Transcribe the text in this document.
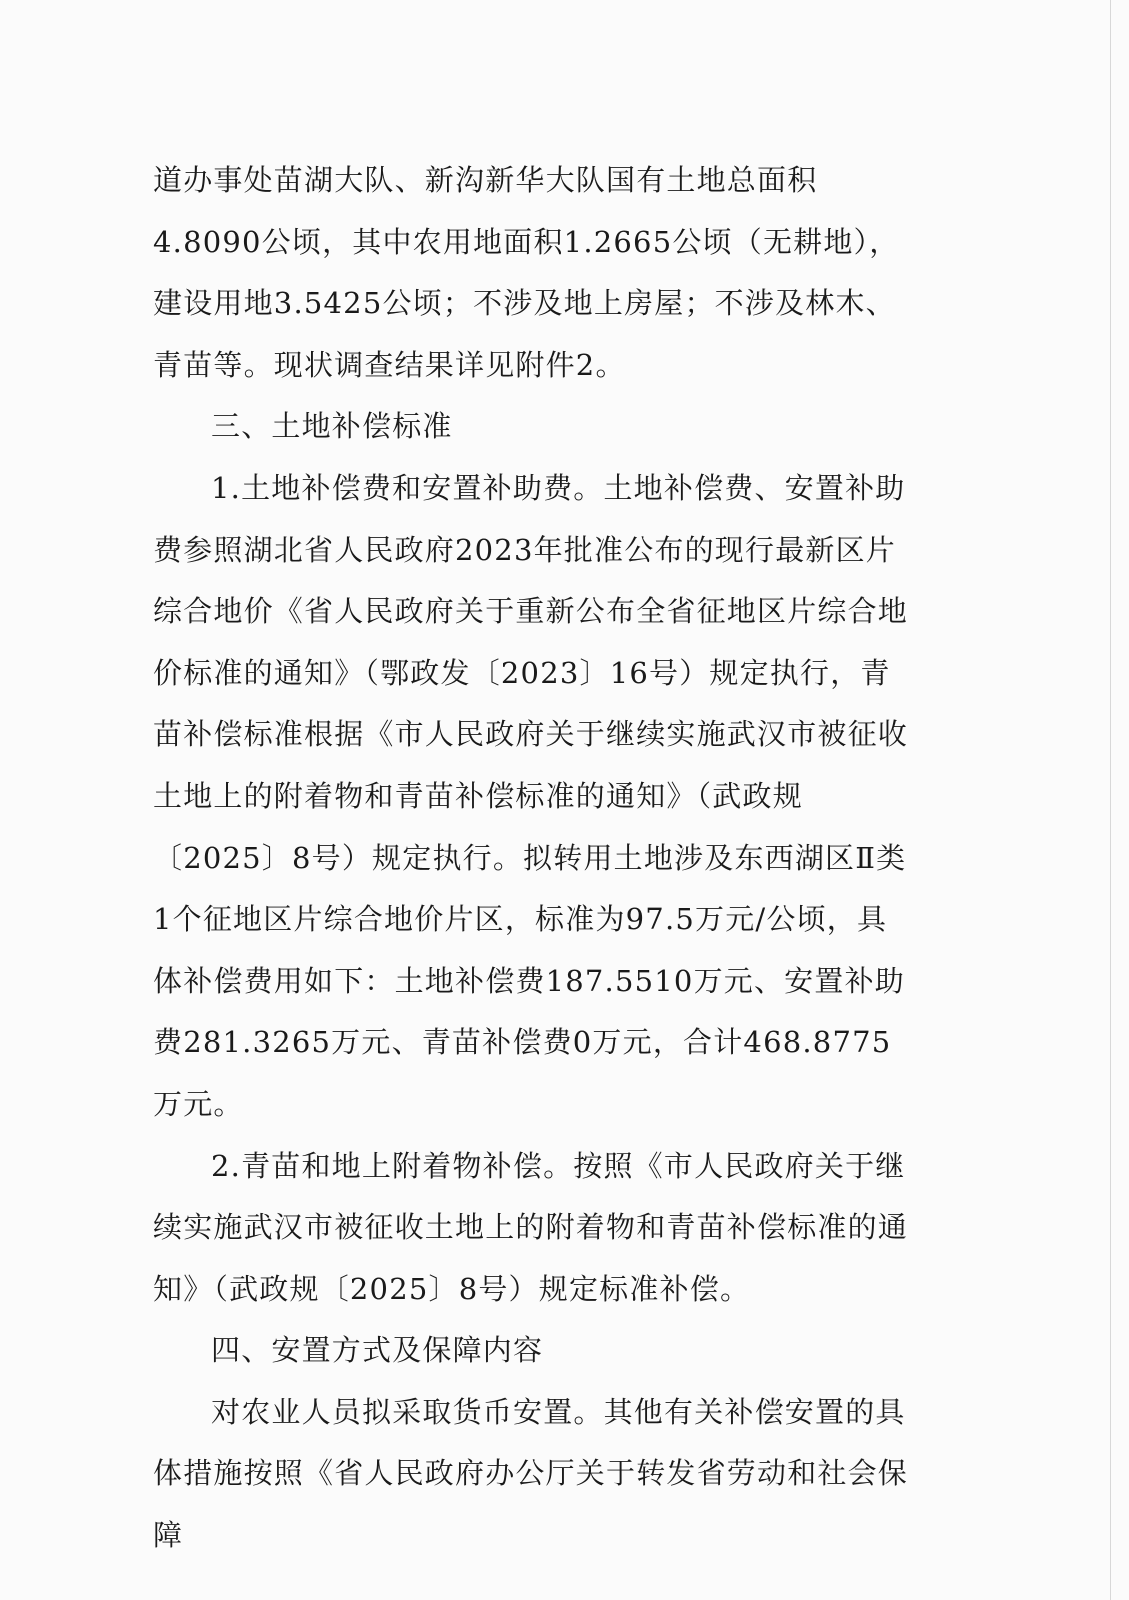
道办事处苗湖大队、新沟新华大队国有土地总面积4.8090公顷，其中农用地面积1.2665公顷（无耕地），建设用地3.5425公顷；不涉及地上房屋；不涉及林木、青苗等。现状调查结果详见附件2。

三、土地补偿标准

1.土地补偿费和安置补助费。土地补偿费、安置补助费参照湖北省人民政府2023年批准公布的现行最新区片综合地价《省人民政府关于重新公布全省征地区片综合地价标准的通知》（鄂政发〔2023〕16号）规定执行，青苗补偿标准根据《市人民政府关于继续实施武汉市被征收土地上的附着物和青苗补偿标准的通知》（武政规〔2025〕8号）规定执行。拟转用土地涉及东西湖区Ⅱ类1个征地区片综合地价片区，标准为97.5万元/公顷，具体补偿费用如下：土地补偿费187.5510万元、安置补助费281.3265万元、青苗补偿费0万元，合计468.8775万元。

2.青苗和地上附着物补偿。按照《市人民政府关于继续实施武汉市被征收土地上的附着物和青苗补偿标准的通知》（武政规〔2025〕8号）规定标准补偿。

四、安置方式及保障内容

对农业人员拟采取货币安置。其他有关补偿安置的具体措施按照《省人民政府办公厅关于转发省劳动和社会保障
